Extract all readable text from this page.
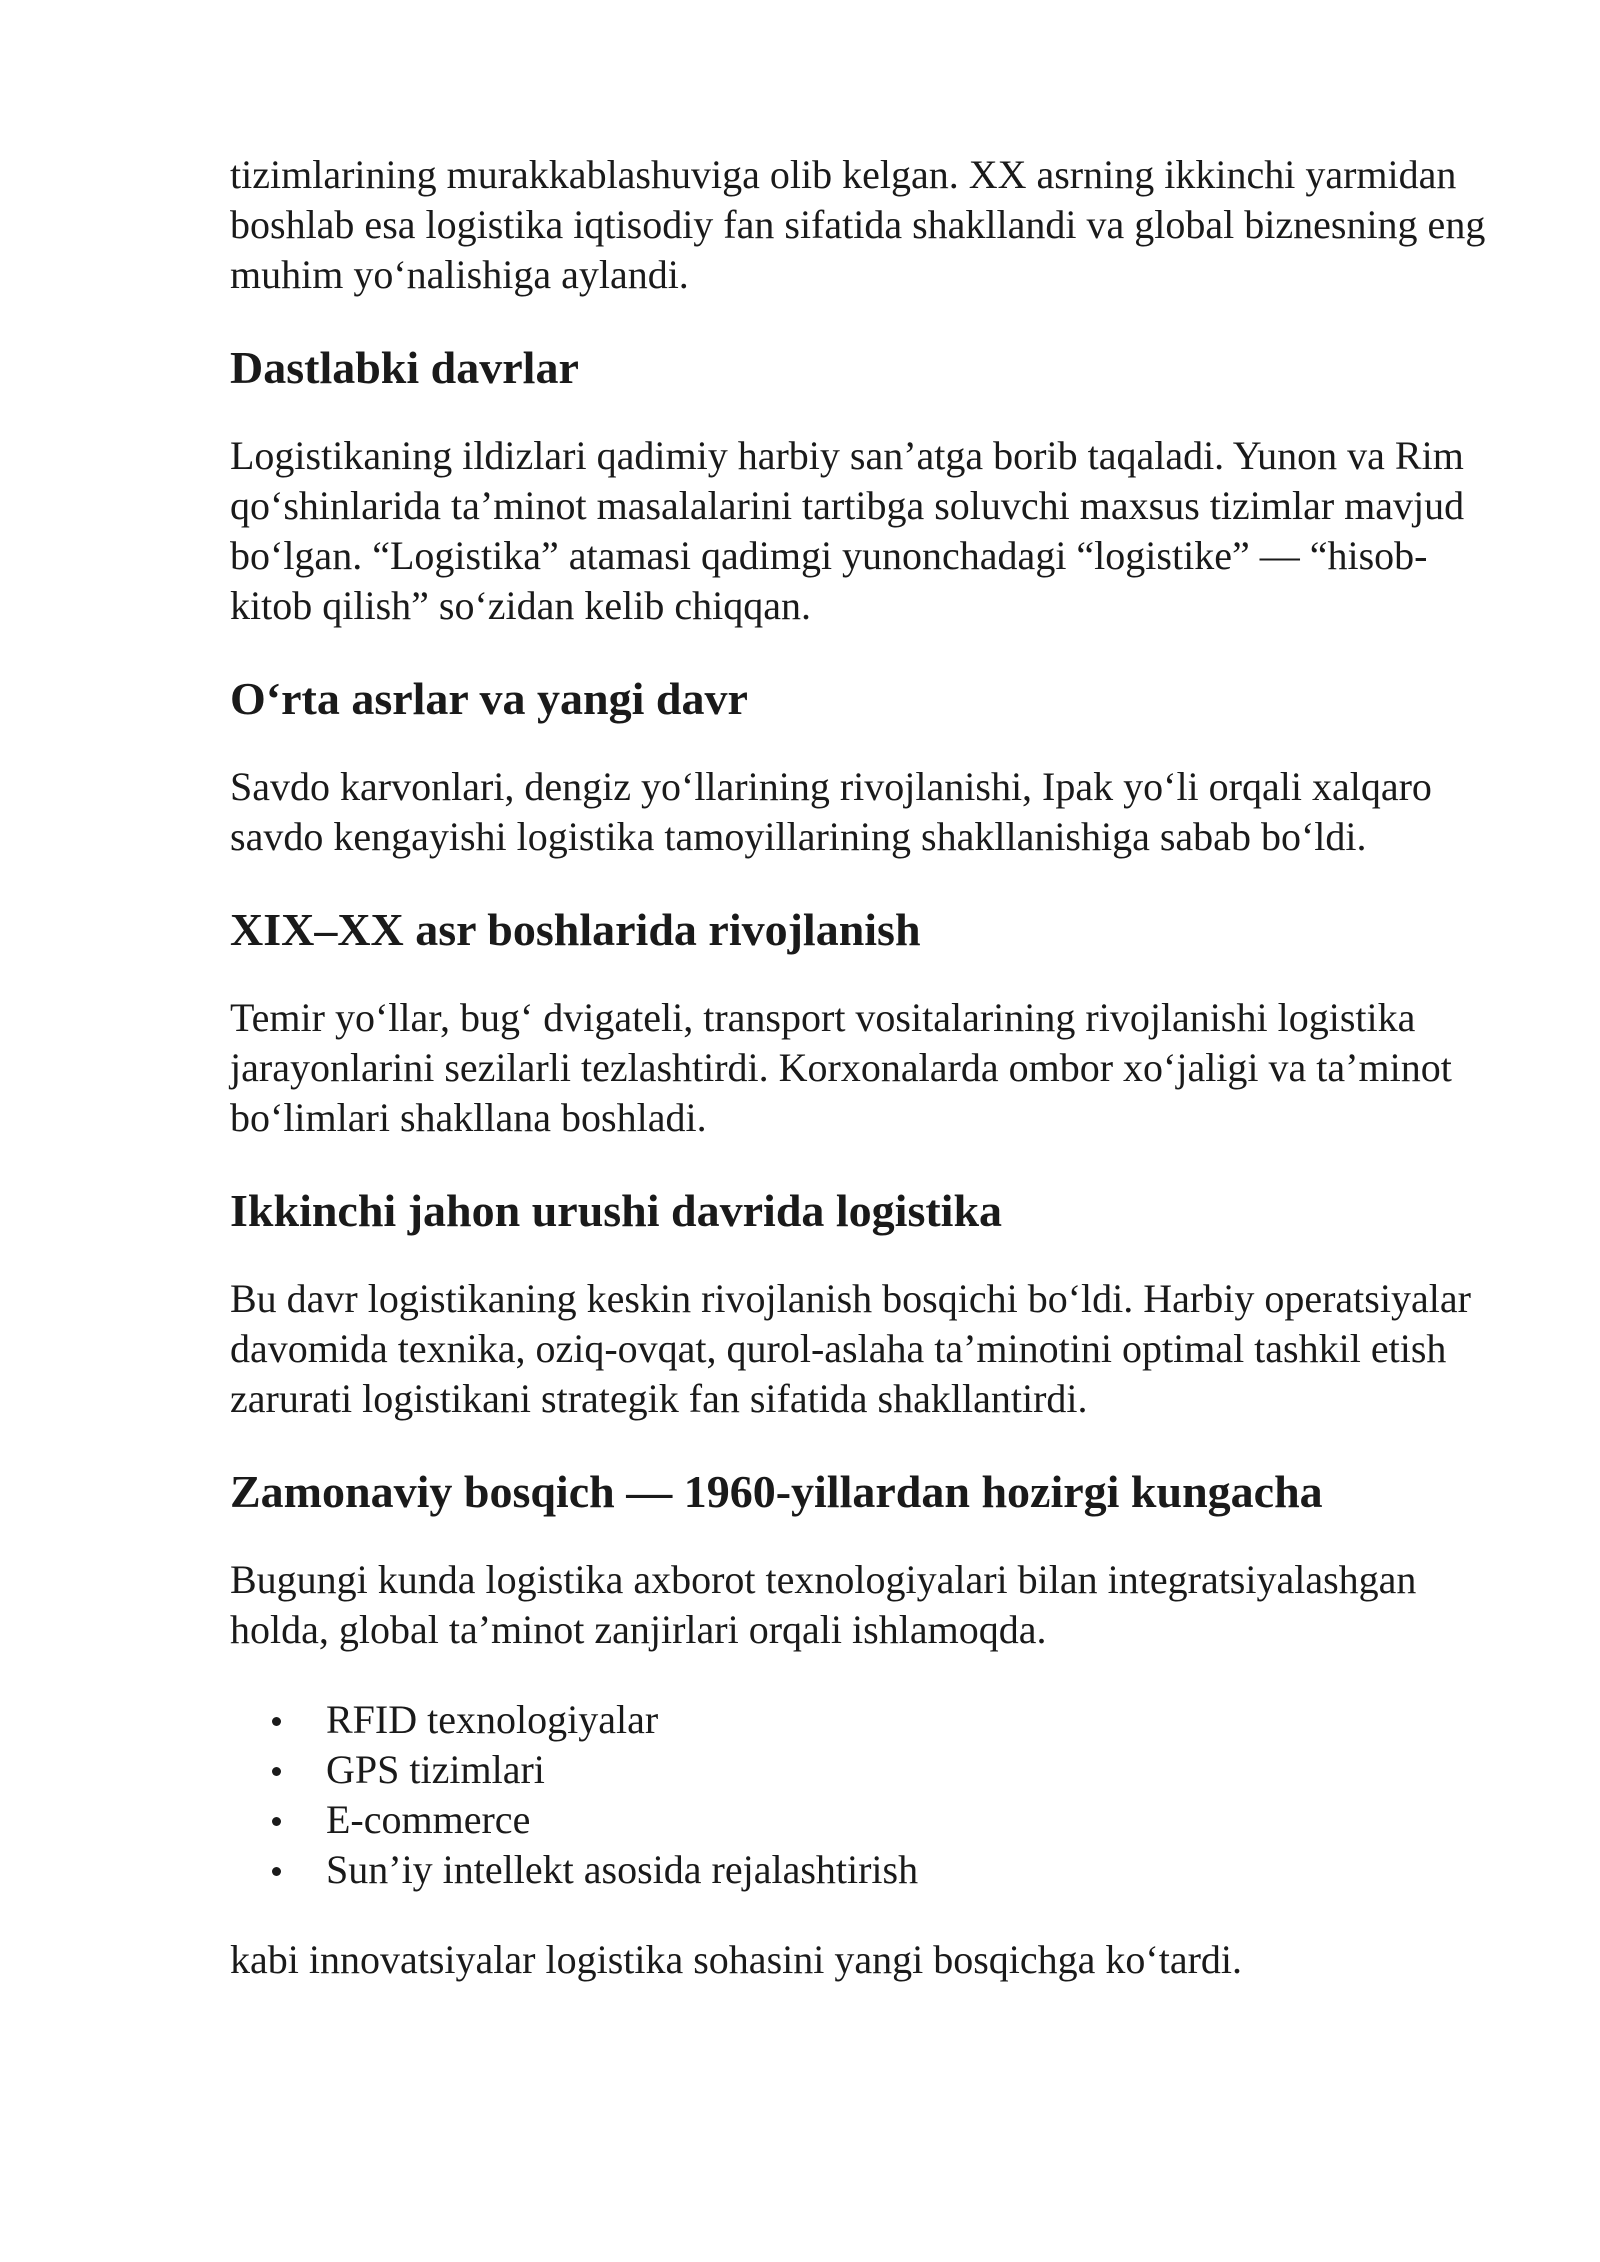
tizimlarining murakkablashuviga olib kelgan. XX asrning ikkinchi yarmidan boshlab esa logistika iqtisodiy fan sifatida shakllandi va global biznesning eng muhim yo‘nalishiga aylandi.

Dastlabki davrlar

Logistikaning ildizlari qadimiy harbiy san’atga borib taqaladi. Yunon va Rim qo‘shinlarida ta’minot masalalarini tartibga soluvchi maxsus tizimlar mavjud bo‘lgan. “Logistika” atamasi qadimgi yunonchadagi “logistike” — “hisob-kitob qilish” so‘zidan kelib chiqqan.

O‘rta asrlar va yangi davr

Savdo karvonlari, dengiz yo‘llarining rivojlanishi, Ipak yo‘li orqali xalqaro savdo kengayishi logistika tamoyillarining shakllanishiga sabab bo‘ldi.

XIX–XX asr boshlarida rivojlanish

Temir yo‘llar, bug‘ dvigateli, transport vositalarining rivojlanishi logistika jarayonlarini sezilarli tezlashtirdi. Korxonalarda ombor xo‘jaligi va ta’minot bo‘limlari shakllana boshladi.

Ikkinchi jahon urushi davrida logistika

Bu davr logistikaning keskin rivojlanish bosqichi bo‘ldi. Harbiy operatsiyalar davomida texnika, oziq-ovqat, qurol-aslaha ta’minotini optimal tashkil etish zarurati logistikani strategik fan sifatida shakllantirdi.

Zamonaviy bosqich — 1960-yillardan hozirgi kungacha

Bugungi kunda logistika axborot texnologiyalari bilan integratsiyalashgan holda, global ta’minot zanjirlari orqali ishlamoqda.

RFID texnologiyalar
GPS tizimlari
E-commerce
Sun’iy intellekt asosida rejalashtirish

kabi innovatsiyalar logistika sohasini yangi bosqichga ko‘tardi.
